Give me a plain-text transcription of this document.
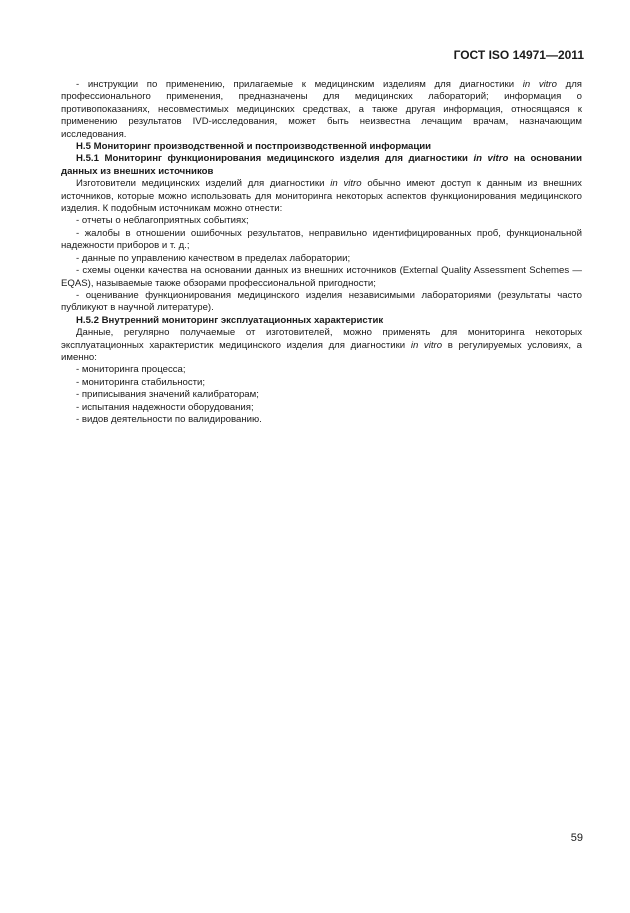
ГОСТ ISO 14971—2011

- инструкции по применению, прилагаемые к медицинским изделиям для диагностики in vitro для профессионального применения, предназначены для медицинских лабораторий; информация о противопоказаниях, несовместимых медицинских средствах, а также другая информация, относящаяся к применению результатов IVD-исследования, может быть неизвестна лечащим врачам, назначающим исследования.

Н.5 Мониторинг производственной и постпроизводственной информации

Н.5.1 Мониторинг функционирования медицинского изделия для диагностики in vitro на основании данных из внешних источников

Изготовители медицинских изделий для диагностики in vitro обычно имеют доступ к данным из внешних источников, которые можно использовать для мониторинга некоторых аспектов функционирования медицинского изделия. К подобным источникам можно отнести:

- отчеты о неблагоприятных событиях;

- жалобы в отношении ошибочных результатов, неправильно идентифицированных проб, функциональной надежности приборов и т. д.;

- данные по управлению качеством в пределах лаборатории;

- схемы оценки качества на основании данных из внешних источников (External Quality Assessment Schemes — EQAS), называемые также обзорами профессиональной пригодности;

- оценивание функционирования медицинского изделия независимыми лабораториями (результаты часто публикуют в научной литературе).

Н.5.2 Внутренний мониторинг эксплуатационных характеристик

Данные, регулярно получаемые от изготовителей, можно применять для мониторинга некоторых эксплуатационных характеристик медицинского изделия для диагностики in vitro в регулируемых условиях, а именно:

- мониторинга процесса;

- мониторинга стабильности;

- приписывания значений калибраторам;

- испытания надежности оборудования;

- видов деятельности по валидированию.

59
